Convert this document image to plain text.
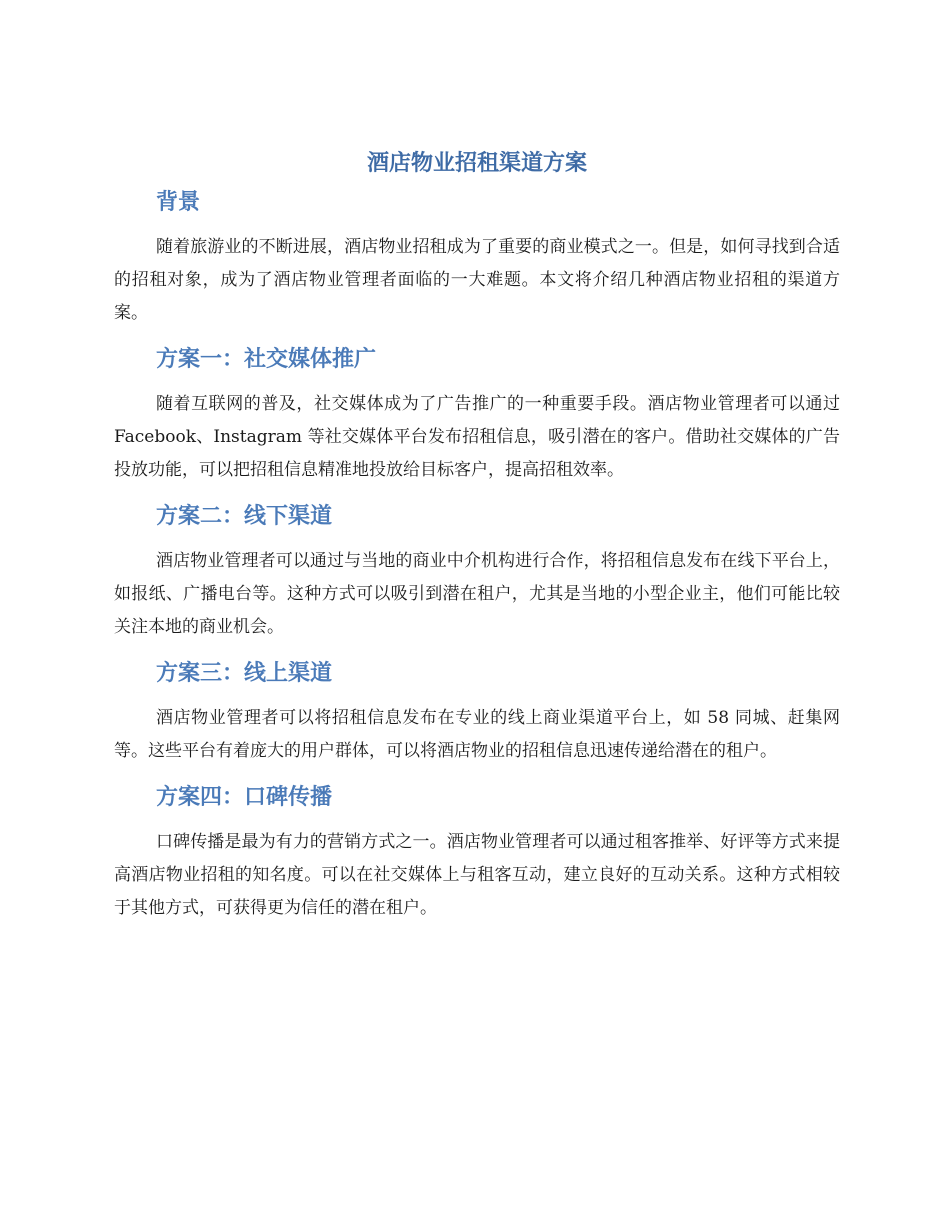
酒店物业招租渠道方案
背景

随着旅游业的不断进展，酒店物业招租成为了重要的商业模式之一。但是，如何寻找到合适的招租对象，成为了酒店物业管理者面临的一大难题。本文将介绍几种酒店物业招租的渠道方案。

方案一：社交媒体推广

随着互联网的普及，社交媒体成为了广告推广的一种重要手段。酒店物业管理者可以通过 Facebook、Instagram 等社交媒体平台发布招租信息，吸引潜在的客户。借助社交媒体的广告投放功能，可以把招租信息精准地投放给目标客户，提高招租效率。

方案二：线下渠道

酒店物业管理者可以通过与当地的商业中介机构进行合作，将招租信息发布在线下平台上，如报纸、广播电台等。这种方式可以吸引到潜在租户，尤其是当地的小型企业主，他们可能比较关注本地的商业机会。

方案三：线上渠道

酒店物业管理者可以将招租信息发布在专业的线上商业渠道平台上，如 58 同城、赶集网等。这些平台有着庞大的用户群体，可以将酒店物业的招租信息迅速传递给潜在的租户。

方案四：口碑传播

口碑传播是最为有力的营销方式之一。酒店物业管理者可以通过租客推举、好评等方式来提高酒店物业招租的知名度。可以在社交媒体上与租客互动，建立良好的互动关系。这种方式相较于其他方式，可获得更为信任的潜在租户。
